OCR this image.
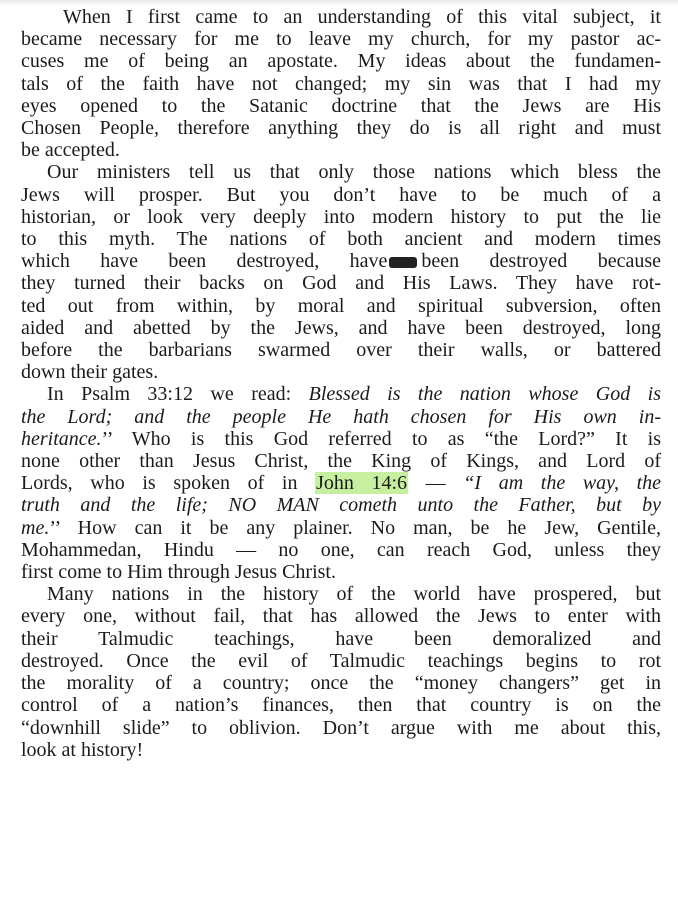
When I first came to an understanding of this vital subject, it
became necessary for me to leave my church, for my pastor ac-
cuses me of being an apostate. My ideas about the fundamen-
tals of the faith have not changed; my sin was that I had my
eyes opened to the Satanic doctrine that the Jews are His
Chosen People, therefore anything they do is all right and must
be accepted.

Our ministers tell us that only those nations which bless the
Jews will prosper. But you don’t have to be much of a
historian, or look very deeply into modern history to put the lie
to this myth. The nations of both ancient and modern times
which have been destroyed, have been destroyed because
they turned their backs on God and His Laws. They have rot-
ted out from within, by moral and spiritual subversion, often
aided and abetted by the Jews, and have been destroyed, long
before the barbarians swarmed over their walls, or battered
down their gates.

In Psalm 33:12 we read: Blessed is the nation whose God is
the Lord; and the people He hath chosen for His own in-
heritance.’’ Who is this God referred to as “the Lord?” It is
none other than Jesus Christ, the King of Kings, and Lord of
Lords, who is spoken of in John 14:6 — “I am the way, the
truth and the life; NO MAN cometh unto the Father, but by
me.’’ How can it be any plainer. No man, be he Jew, Gentile,
Mohammedan, Hindu — no one, can reach God, unless they
first come to Him through Jesus Christ.

Many nations in the history of the world have prospered, but
every one, without fail, that has allowed the Jews to enter with
their Talmudic teachings, have been demoralized and
destroyed. Once the evil of Talmudic teachings begins to rot
the morality of a country; once the “money changers” get in
control of a nation’s finances, then that country is on the
“downhill slide” to oblivion. Don’t argue with me about this,
look at history!
